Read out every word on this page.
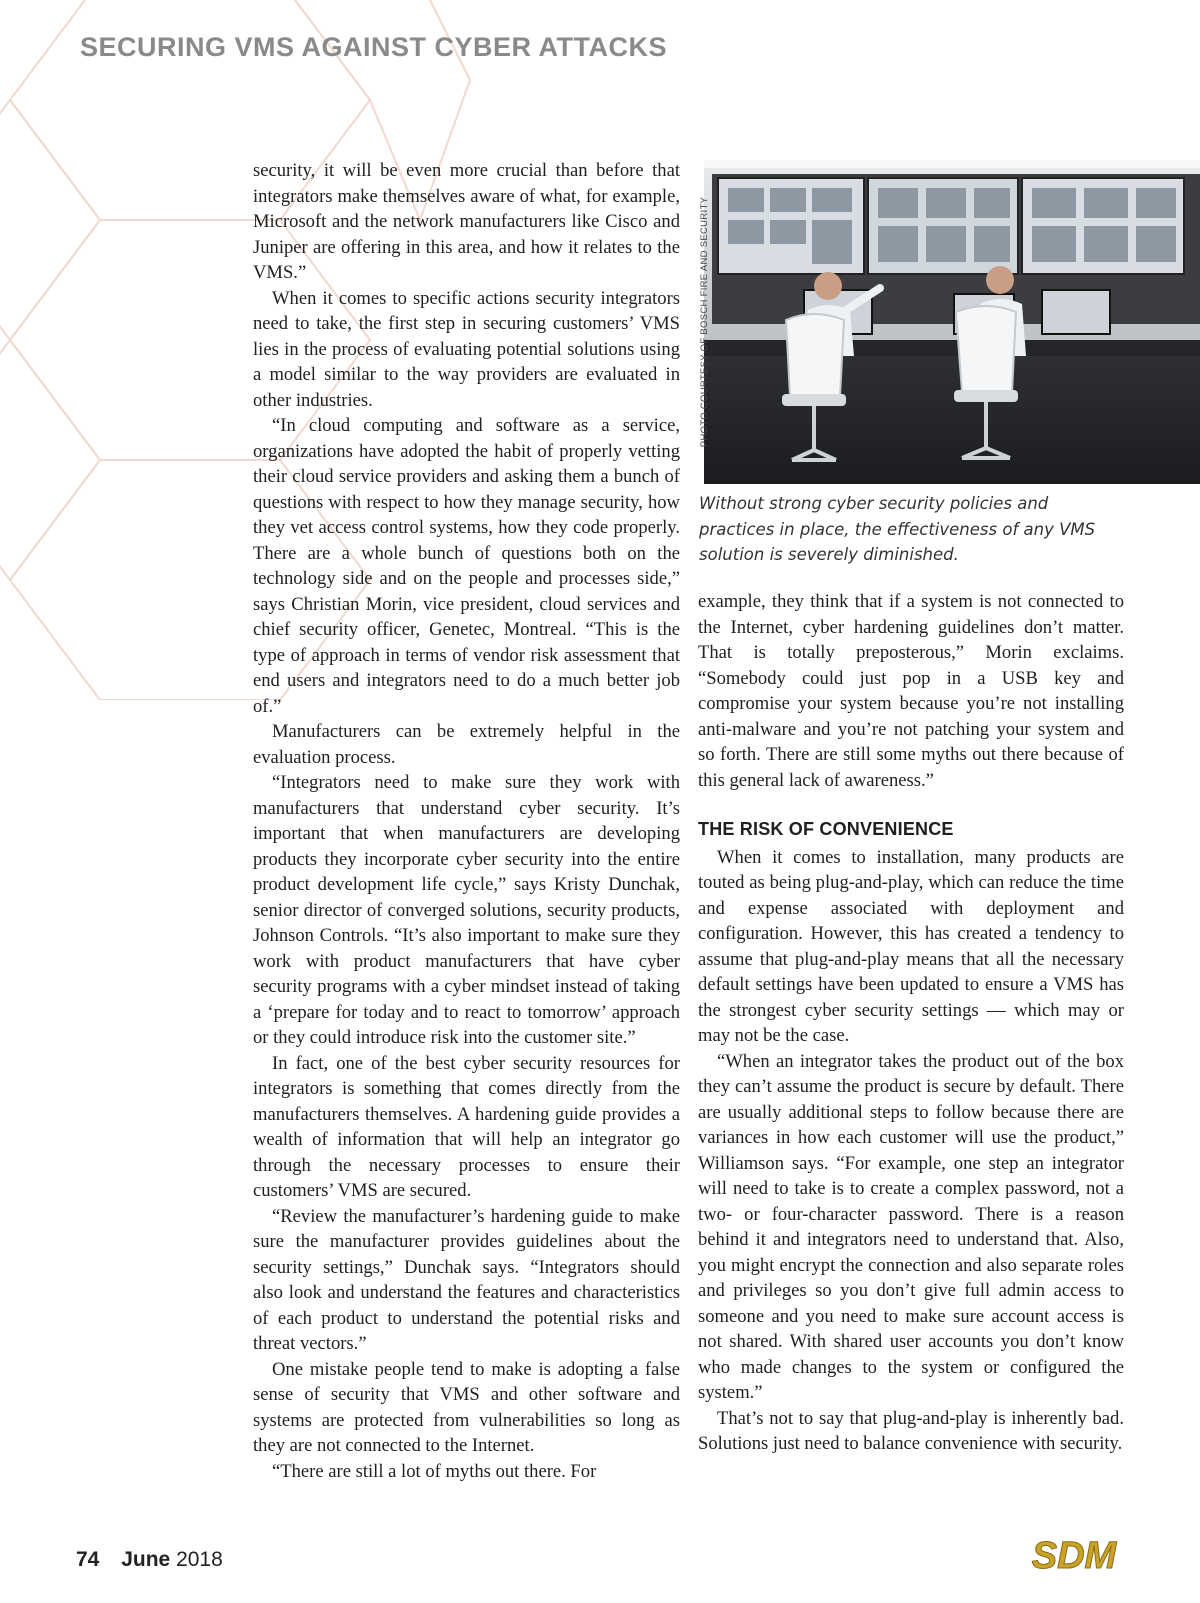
SECURING VMS AGAINST CYBER ATTACKS

security, it will be even more crucial than before that integrators make themselves aware of what, for example, Microsoft and the network manufacturers like Cisco and Juniper are offering in this area, and how it relates to the VMS.”

When it comes to specific actions security integrators need to take, the first step in securing customers’ VMS lies in the process of evaluating potential solutions using a model similar to the way providers are evaluated in other industries.

“In cloud computing and software as a service, organizations have adopted the habit of properly vetting their cloud service providers and asking them a bunch of questions with respect to how they manage security, how they vet access control systems, how they code properly. There are a whole bunch of questions both on the technology side and on the people and processes side,” says Christian Morin, vice president, cloud services and chief security officer, Genetec, Montreal. “This is the type of approach in terms of vendor risk assessment that end users and integrators need to do a much better job of.”

Manufacturers can be extremely helpful in the evaluation process.

“Integrators need to make sure they work with manufacturers that understand cyber security. It’s important that when manufacturers are developing products they incorporate cyber security into the entire product development life cycle,” says Kristy Dunchak, senior director of converged solutions, security products, Johnson Controls. “It’s also important to make sure they work with product manufacturers that have cyber security programs with a cyber mindset instead of taking a ‘prepare for today and to react to tomorrow’ approach or they could introduce risk into the customer site.”

In fact, one of the best cyber security resources for integrators is something that comes directly from the manufacturers themselves. A hardening guide provides a wealth of information that will help an integrator go through the necessary processes to ensure their customers’ VMS are secured.

“Review the manufacturer’s hardening guide to make sure the manufacturer provides guidelines about the security settings,” Dunchak says. “Integrators should also look and understand the features and characteristics of each product to understand the potential risks and threat vectors.”

One mistake people tend to make is adopting a false sense of security that VMS and other software and systems are protected from vulnerabilities so long as they are not connected to the Internet.

“There are still a lot of myths out there. For

PHOTO COURTESY OF BOSCH FIRE AND SECURITY
Without strong cyber security policies and practices in place, the effectiveness of any VMS solution is severely diminished.

example, they think that if a system is not connected to the Internet, cyber hardening guidelines don’t matter. That is totally preposterous,” Morin exclaims. “Somebody could just pop in a USB key and compromise your system because you’re not installing anti-malware and you’re not patching your system and so forth. There are still some myths out there because of this general lack of awareness.”

THE RISK OF CONVENIENCE

When it comes to installation, many products are touted as being plug-and-play, which can reduce the time and expense associated with deployment and configuration. However, this has created a tendency to assume that plug-and-play means that all the necessary default settings have been updated to ensure a VMS has the strongest cyber security settings — which may or may not be the case.

“When an integrator takes the product out of the box they can’t assume the product is secure by default. There are usually additional steps to follow because there are variances in how each customer will use the product,” Williamson says. “For example, one step an integrator will need to take is to create a complex password, not a two- or four-character password. There is a reason behind it and integrators need to understand that. Also, you might encrypt the connection and also separate roles and privileges so you don’t give full admin access to someone and you need to make sure account access is not shared. With shared user accounts you don’t know who made changes to the system or configured the system.”

That’s not to say that plug-and-play is inherently bad. Solutions just need to balance convenience with security.

74 June 2018	SDM
